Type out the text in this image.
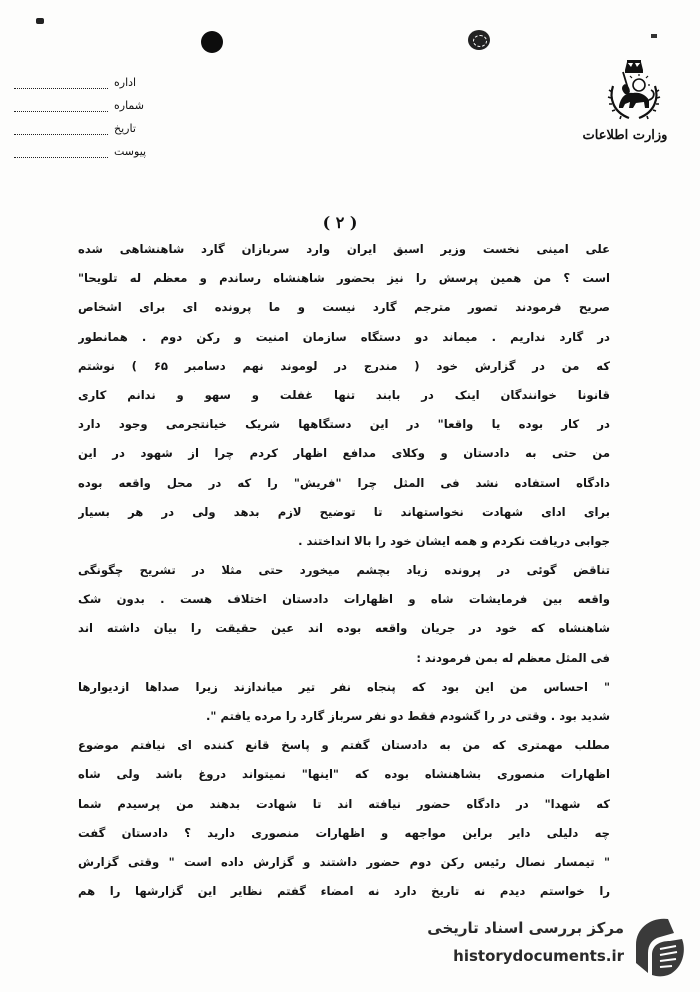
وزارت اطلاعات
اداره
شماره
تاریخ
پیوست
( ۲ )
علی امینی نخست وزیر اسبق ایران وارد سربازان گارد شاهنشاهی شده
است ؟ من همین پرسش را نیز بحضور شاهنشاه رساندم و معظم له تلویحا"
صریح فرمودند تصور مترجم گارد نیست و ما پرونده ای برای اشخاص
در گارد نداریم . میماند دو دستگاه سازمان امنیت و رکن دوم . همانطور
که من در گزارش خود ( مندرج در لوموند نهم دسامبر ۶۵ ) نوشتم
قانونا خوانندگان اینک در بابند تنها غفلت و سهو و ندانم کاری
در کار بوده یا واقعا" در این دستگاهها شریک خیانتجرمی وجود دارد
من حتی به دادستان و وکلای مدافع اظهار کردم چرا از شهود در این
دادگاه استفاده نشد فی المثل چرا "فریش" را که در محل واقعه بوده
برای ادای شهادت نخواستهاند تا توضیح لازم بدهد ولی در هر بسیار
جوابی دریافت نکردم و همه ایشان خود را بالا انداختند .
تناقض گوئی در پرونده زیاد بچشم میخورد حتی مثلا در تشریح چگونگی
واقعه بین فرمایشات شاه و اظهارات دادستان اختلاف هست . بدون شک
شاهنشاه که خود در جریان واقعه بوده اند عین حقیقت را بیان داشته اند
فی المثل معظم له بمن فرمودند :
" احساس من این بود که پنجاه نفر تیر میاندازند زیرا صداها ازدیوارها
شدید بود . وقتی در را گشودم فقط دو نفر سرباز گارد را مرده یافتم ".
مطلب مهمتری که من به دادستان گفتم و پاسخ قانع کننده ای نیافتم موضوع
اظهارات منصوری بشاهنشاه بوده که "اینها" نمیتواند دروغ باشد ولی شاه
که شهدا" در دادگاه حضور نیافته اند تا شهادت بدهند من پرسیدم شما
چه دلیلی دایر براین مواجهه و اظهارات منصوری دارید ؟ دادستان گفت
" تیمسار نصال رئیس رکن دوم حضور داشتند و گزارش داده است " وقتی گزارش
را خواستم دیدم نه تاریخ دارد نه امضاء گفتم نظایر این گزارشها را هم
مرکز بررسی اسناد تاریخی
historydocuments.ir
